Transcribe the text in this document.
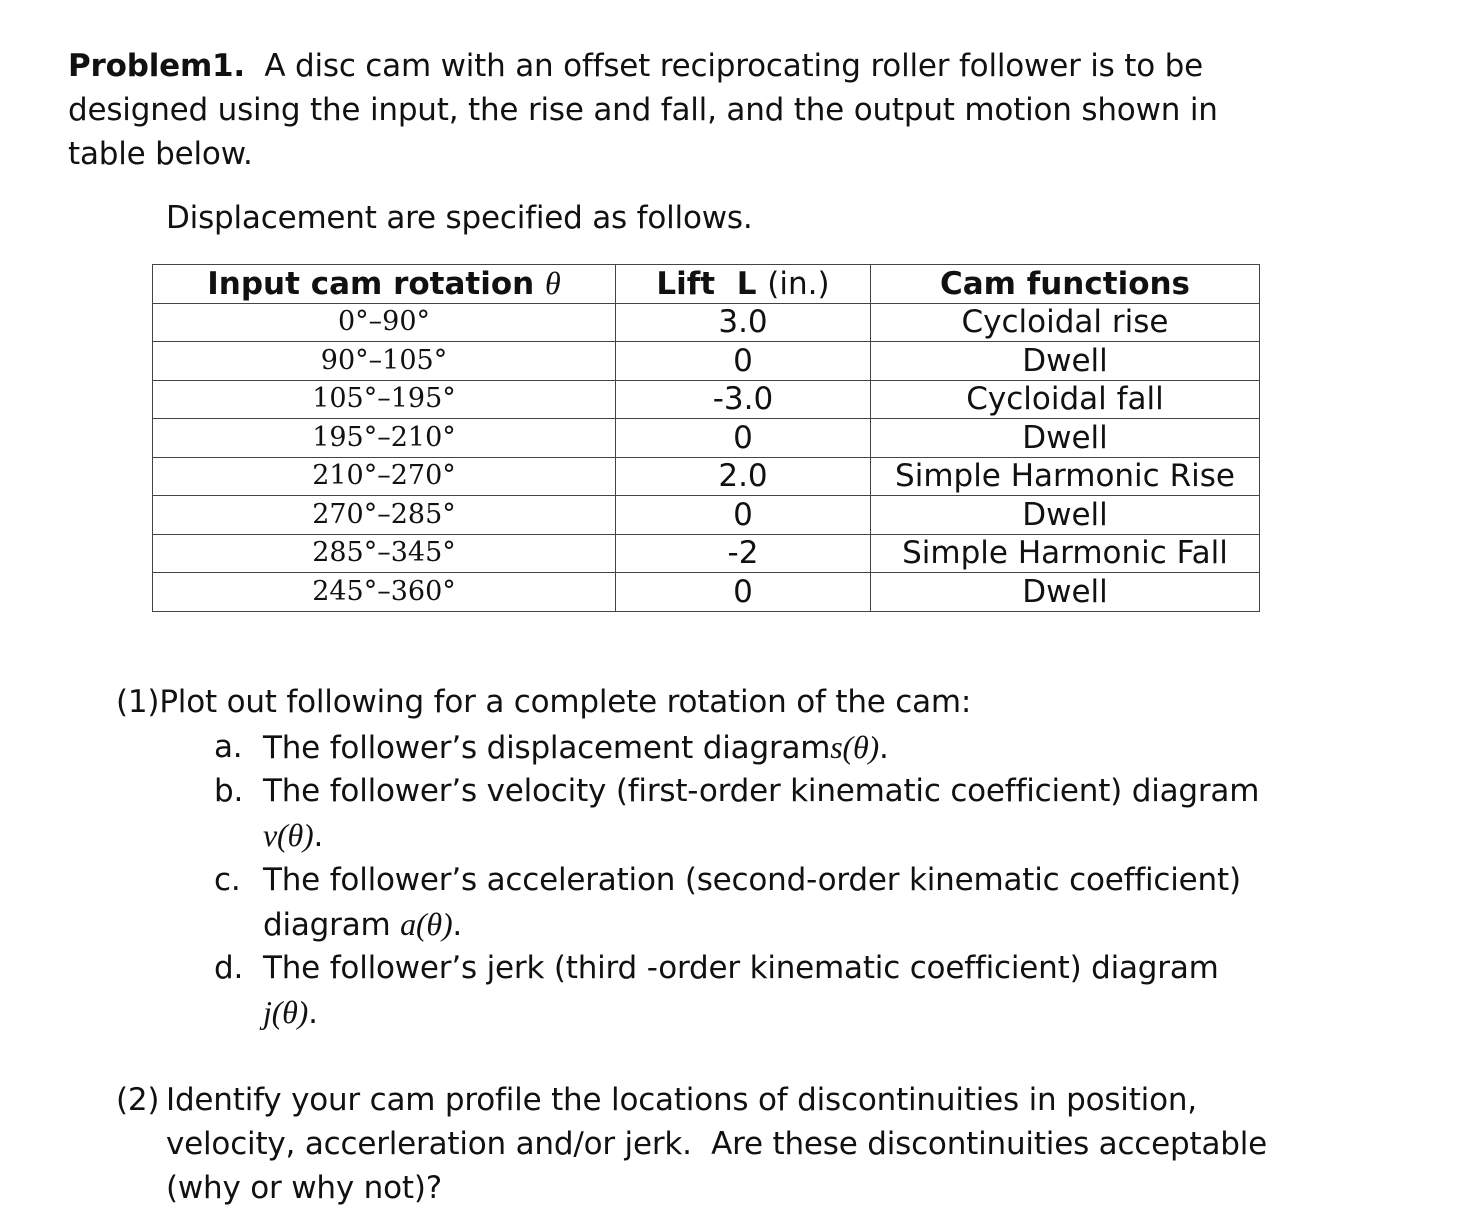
Problem1. A disc cam with an offset reciprocating roller follower is to be
designed using the input, the rise and fall, and the output motion shown in
table below.
Displacement are specified as follows.
Input cam rotation θ	Lift  L (in.)	Cam functions
0°–90°	3.0	Cycloidal rise
90°–105°	0	Dwell
105°–195°	-3.0	Cycloidal fall
195°–210°	0	Dwell
210°–270°	2.0	Simple Harmonic Rise
270°–285°	0	Dwell
285°–345°	-2	Simple Harmonic Fall
245°–360°	0	Dwell
(1)Plot out following for a complete rotation of the cam:
a. The follower’s displacement diagrams(θ).
b. The follower’s velocity (first-order kinematic coefficient) diagram
v(θ).
c. The follower’s acceleration (second-order kinematic coefficient)
diagram a(θ).
d. The follower’s jerk (third -order kinematic coefficient) diagram
j(θ).
(2) Identify your cam profile the locations of discontinuities in position,
velocity, accerleration and/or jerk.  Are these discontinuities acceptable
(why or why not)?
